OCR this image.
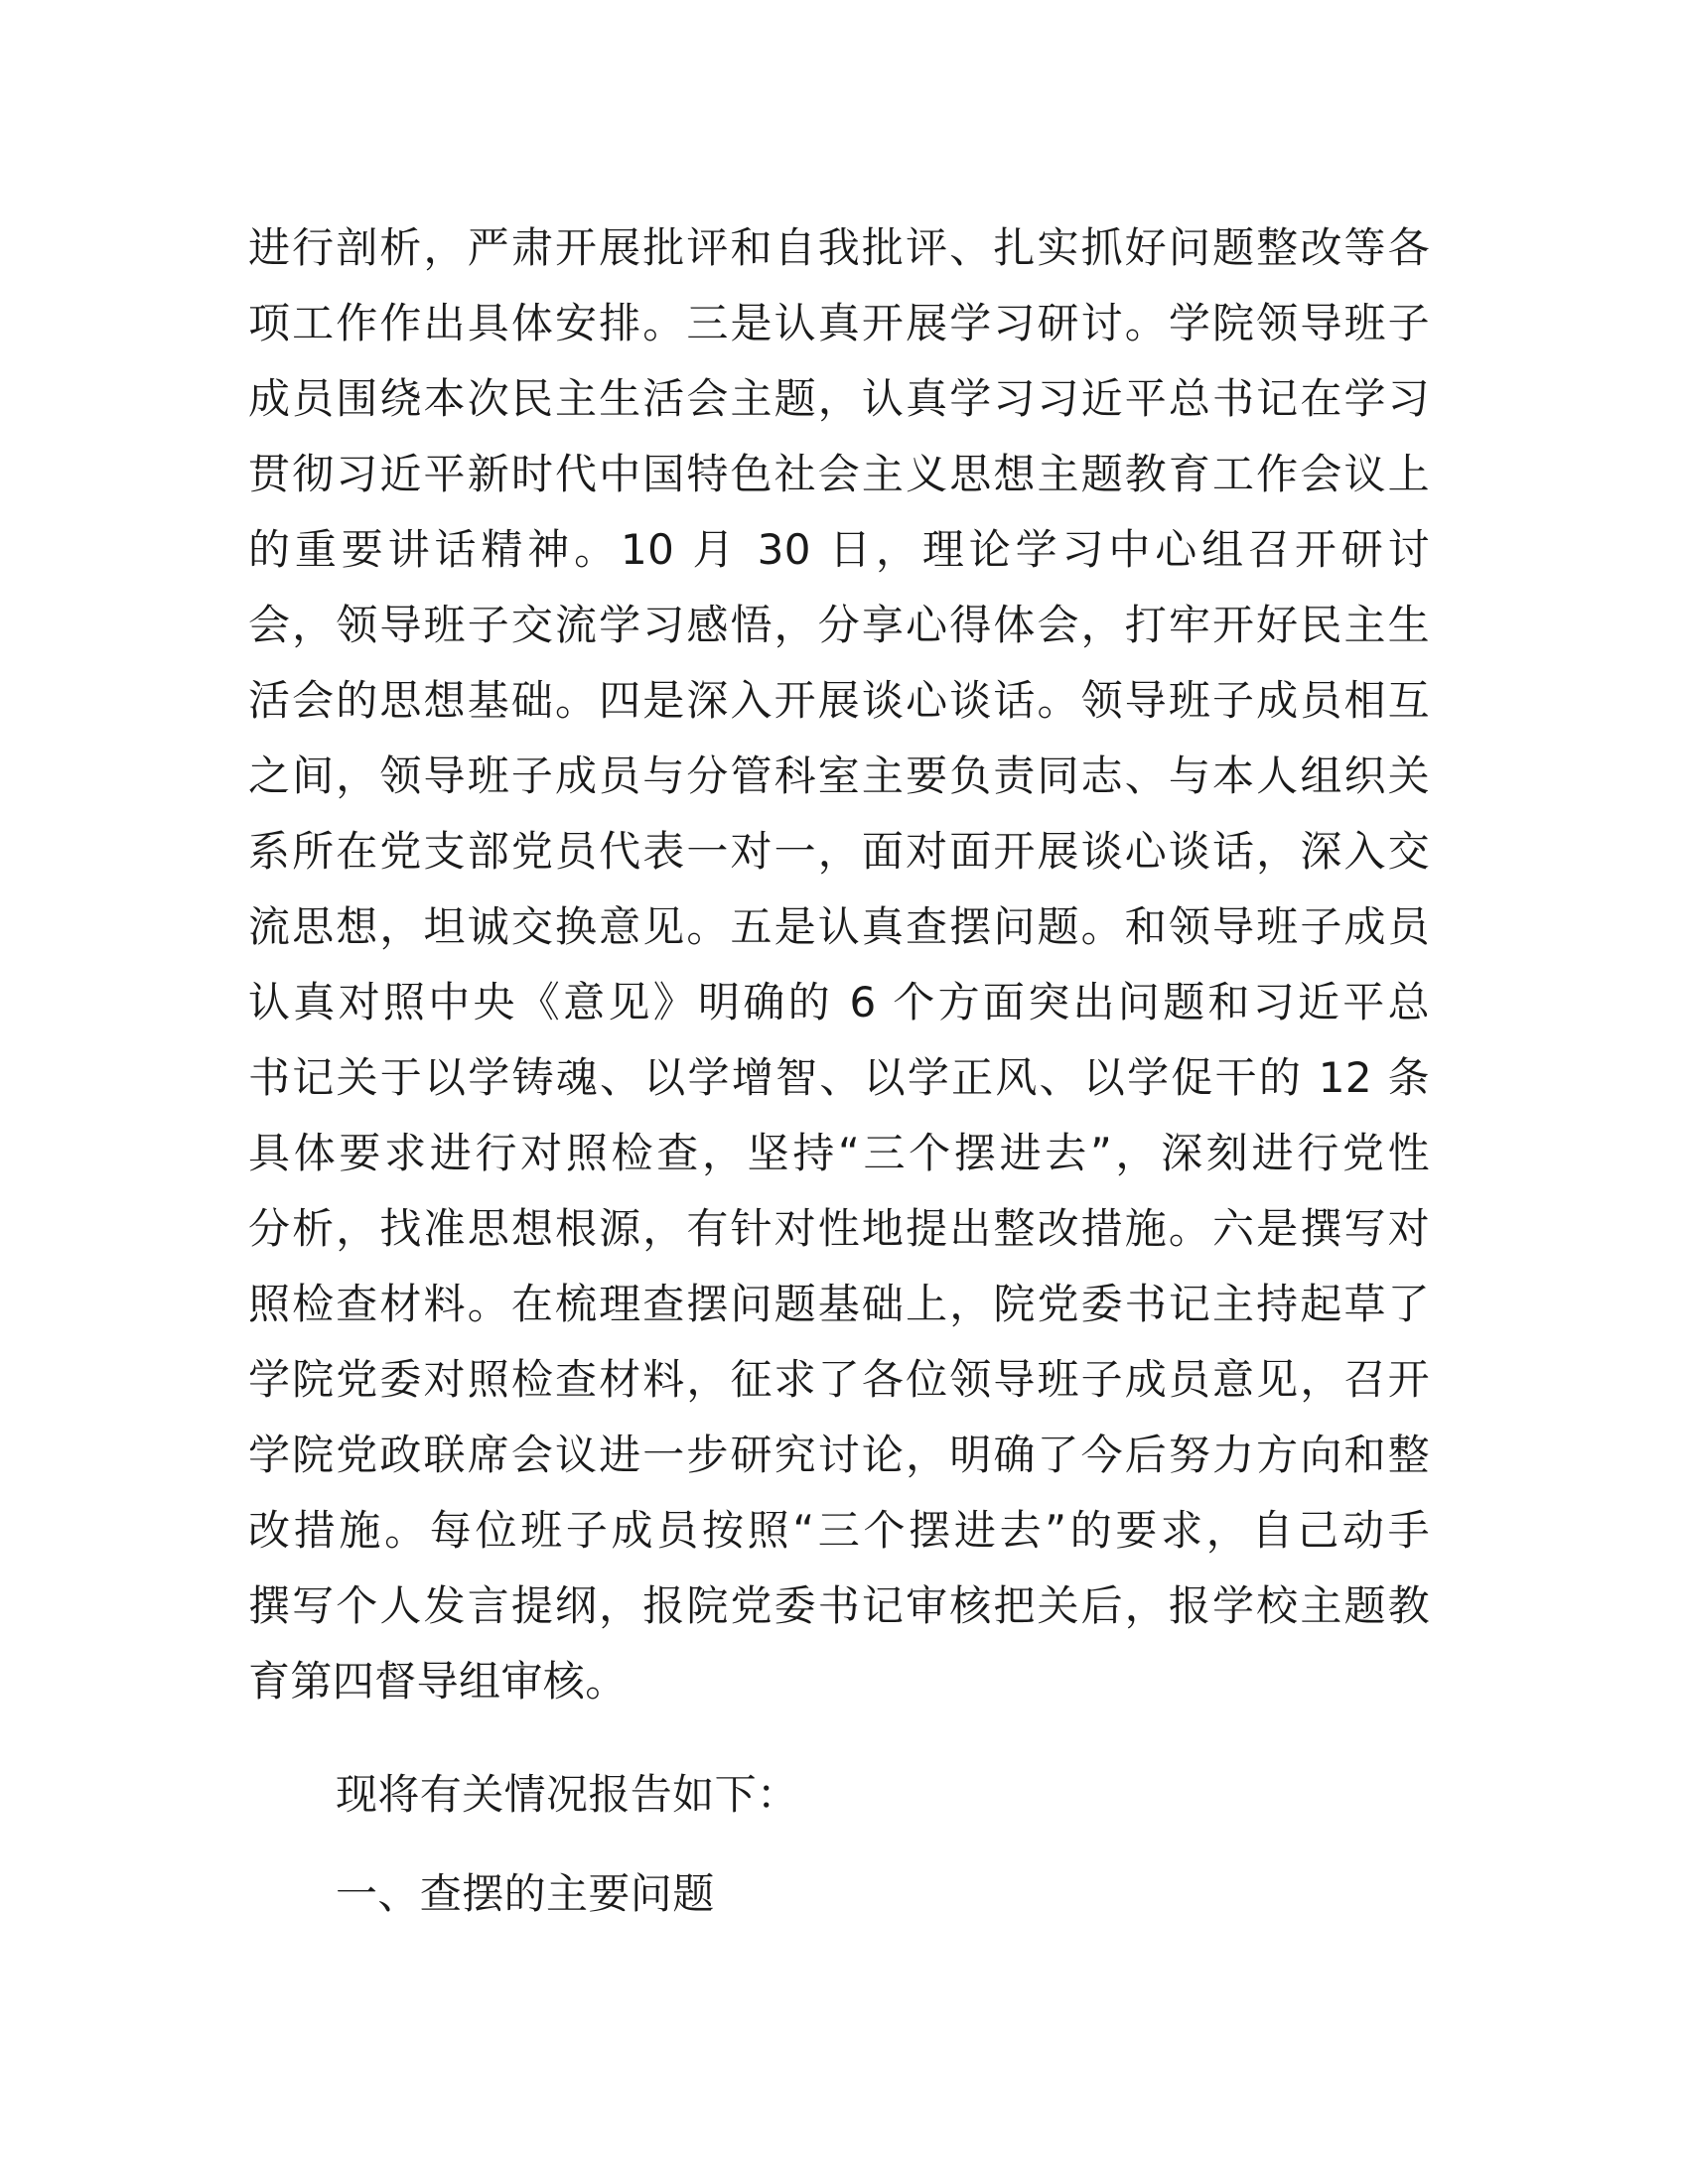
进行剖析，严肃开展批评和自我批评、扎实抓好问题整改等各
项工作作出具体安排。三是认真开展学习研讨。学院领导班子
成员围绕本次民主生活会主题，认真学习习近平总书记在学习
贯彻习近平新时代中国特色社会主义思想主题教育工作会议上
的重要讲话精神。10 月 30 日，理论学习中心组召开研讨
会，领导班子交流学习感悟，分享心得体会，打牢开好民主生
活会的思想基础。四是深入开展谈心谈话。领导班子成员相互
之间，领导班子成员与分管科室主要负责同志、与本人组织关
系所在党支部党员代表一对一，面对面开展谈心谈话，深入交
流思想，坦诚交换意见。五是认真查摆问题。和领导班子成员
认真对照中央《意见》明确的 6 个方面突出问题和习近平总
书记关于以学铸魂、以学增智、以学正风、以学促干的 12 条
具体要求进行对照检查，坚持“三个摆进去”，深刻进行党性
分析，找准思想根源，有针对性地提出整改措施。六是撰写对
照检查材料。在梳理查摆问题基础上，院党委书记主持起草了
学院党委对照检查材料，征求了各位领导班子成员意见，召开
学院党政联席会议进一步研究讨论，明确了今后努力方向和整
改措施。每位班子成员按照“三个摆进去”的要求，自己动手
撰写个人发言提纲，报院党委书记审核把关后，报学校主题教
育第四督导组审核。
现将有关情况报告如下：
一、查摆的主要问题
